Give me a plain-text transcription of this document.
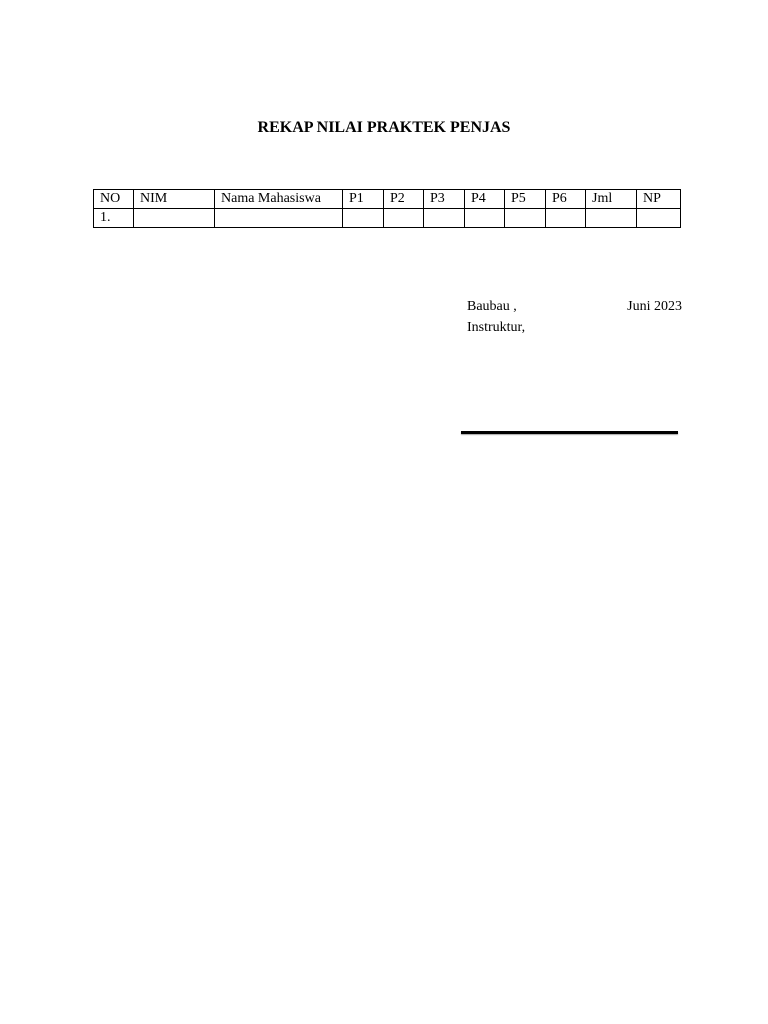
REKAP NILAI PRAKTEK PENJAS
NO	NIM	Nama Mahasiswa	P1	P2	P3	P4	P5	P6	Jml	NP
1.										
Baubau ,	Juni 2023
Instruktur,
